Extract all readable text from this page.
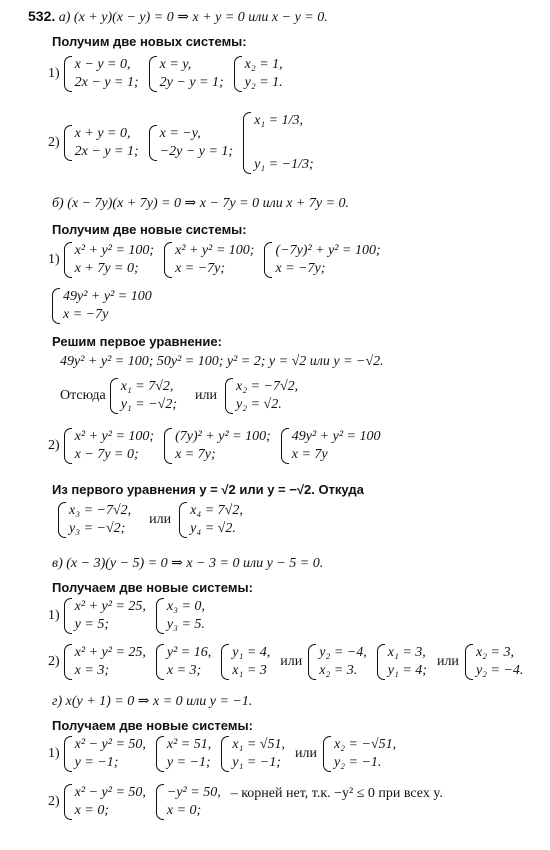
532. а) (x + y)(x − y) = 0 ⇒ x + y = 0 или x − y = 0.
Получим две новых системы:
1)
x − y = 0,
2x − y = 1;
x = y,
2y − y = 1;
x₂ = 1,
y₂ = 1.
2)
x + y = 0,
2x − y = 1;
x = −y,
−2y − y = 1;
x₁ = 1/3,
y₁ = −1/3;
б) (x − 7y)(x + 7y) = 0 ⇒ x − 7y = 0 или x + 7y = 0.
Получим две новые системы:
1)
x² + y² = 100;
x + 7y = 0;
x² + y² = 100;
x = −7y;
(−7y)² + y² = 100;
x = −7y;
49y² + y² = 100
x = −7y
Решим первое уравнение:
49y² + y² = 100; 50y² = 100; y² = 2; y = √2 или y = −√2.
Отсюда
x₁ = 7√2,
y₁ = −√2;
или
x₂ = −7√2,
y₂ = √2.
2)
x² + y² = 100;
x − 7y = 0;
(7y)² + y² = 100;
x = 7y;
49y² + y² = 100
x = 7y
Из первого уравнения y = √2 или y = −√2. Откуда
x₃ = −7√2,
y₃ = −√2;
или
x₄ = 7√2,
y₄ = √2.
в) (x − 3)(y − 5) = 0 ⇒ x − 3 = 0 или y − 5 = 0.
Получаем две новые системы:
1)
x² + y² = 25,
y = 5;
x₃ = 0,
y₃ = 5.
2)
x² + y² = 25,
x = 3;
y² = 16,
x = 3;
y₁ = 4,
x₁ = 3
или
y₂ = −4,
x₂ = 3.
x₁ = 3,
y₁ = 4;
или
x₂ = 3,
y₂ = −4.
г) x(y + 1) = 0 ⇒ x = 0 или y = −1.
Получаем две новые системы:
1)
x² − y² = 50,
y = −1;
x² = 51,
y = −1;
x₁ = √51,
y₁ = −1;
или
x₂ = −√51,
y₂ = −1.
2)
x² − y² = 50,
x = 0;
−y² = 50,
x = 0;
– корней нет, т.к. −y² ≤ 0 при всех y.
